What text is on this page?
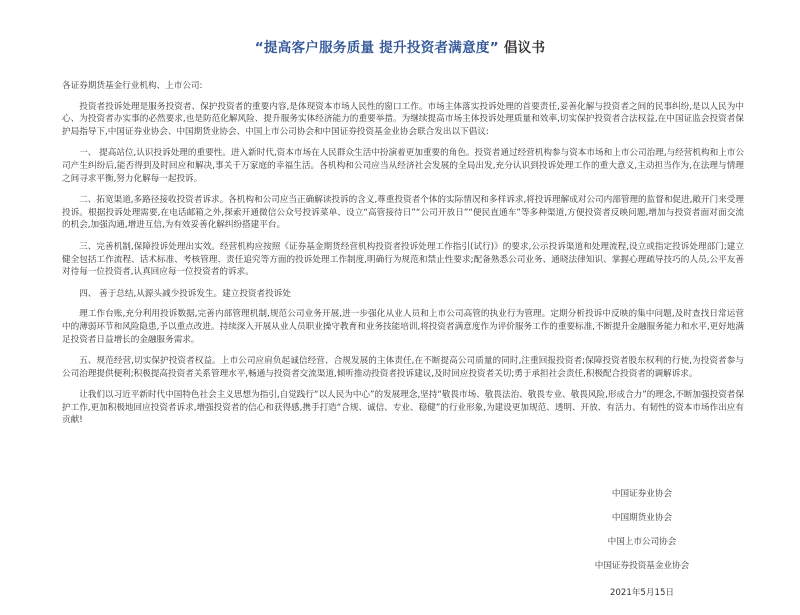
“提高客户服务质量 提升投资者满意度” 倡议书
各证券期货基金行业机构、上市公司:

投资者投诉处理是服务投资者、保护投资者的重要内容,是体现资本市场人民性的窗口工作。市场主体落实投诉处理的首要责任,妥善化解与投资者之间的民事纠纷,是以人民为中心、为投资者办实事的必然要求,也是防范化解风险、提升服务实体经济能力的重要举措。为继续提高市场主体投诉处理质量和效率,切实保护投资者合法权益,在中国证监会投资者保护局指导下,中国证券业协会、中国期货业协会、中国上市公司协会和中国证券投资基金业协会联合发出以下倡议:

一、 提高站位,认识投诉处理的重要性。进入新时代,资本市场在人民群众生活中扮演着更加重要的角色。投资者通过经营机构参与资本市场和上市公司治理,与经营机构和上市公司产生纠纷后,能否得到及时回应和解决,事关千万家庭的幸福生活。各机构和公司应当从经济社会发展的全局出发,充分认识到投诉处理工作的重大意义,主动担当作为,在法理与情理之间寻求平衡,努力化解每一起投诉。

二、拓宽渠道,多路径接收投资者诉求。各机构和公司应当正确解读投诉的含义,尊重投资者个体的实际情况和多样诉求,将投诉理解成对公司内部管理的监督和促进,敞开门来受理投诉。根据投诉处理需要,在电话邮箱之外,探索开通微信公众号投诉菜单、设立“高管接待日”“公司开放日”“便民直通车”等多种渠道,方便投资者反映问题,增加与投资者面对面交流的机会,加强沟通,增进互信,为有效妥善化解纠纷搭建平台。

三、完善机制,保障投诉处理出实效。经营机构应按照《证券基金期货经营机构投资者投诉处理工作指引(试行)》的要求,公示投诉渠道和处理流程,设立或指定投诉处理部门;建立健全包括工作流程、话术标准、考核管理、责任追究等方面的投诉处理工作制度,明确行为规范和禁止性要求;配备熟悉公司业务、通晓法律知识、掌握心理疏导技巧的人员,公平友善对待每一位投资者,认真回应每一位投资者的诉求。

四、 善于总结,从源头减少投诉发生。建立投资者投诉处

理工作台账,充分利用投诉数据,完善内部管理机制,规范公司业务开展,进一步强化从业人员和上市公司高管的执业行为管理。定期分析投诉中反映的集中问题,及时查找日常运营中的薄弱环节和风险隐患,予以重点改进。持续深入开展从业人员职业操守教育和业务技能培训,将投资者满意度作为评价服务工作的重要标准,不断提升金融服务能力和水平,更好地满足投资者日益增长的金融服务需求。

五、规范经营,切实保护投资者权益。上市公司应肩负起诚信经营、合规发展的主体责任,在不断提高公司质量的同时,注重回报投资者;保障投资者股东权利的行使,为投资者参与公司治理提供便利;积极提高投资者关系管理水平,畅通与投资者交流渠道,倾听推动投资者投诉建议,及时回应投资者关切;勇于承担社会责任,积极配合投资者的调解诉求。

让我们以习近平新时代中国特色社会主义思想为指引,自觉践行“以人民为中心”的发展理念,坚持“敬畏市场、敬畏法治、敬畏专业、敬畏风险,形成合力”的理念,不断加强投资者保护工作,更加积极地回应投资者诉求,增强投资者的信心和获得感,携手打造“合规、诚信、专业、稳健”的行业形象,为建设更加规范、透明、开放、有活力、有韧性的资本市场作出应有贡献!

中国证券业协会
中国期货业协会
中国上市公司协会
中国证券投资基金业协会
2021年5月15日
